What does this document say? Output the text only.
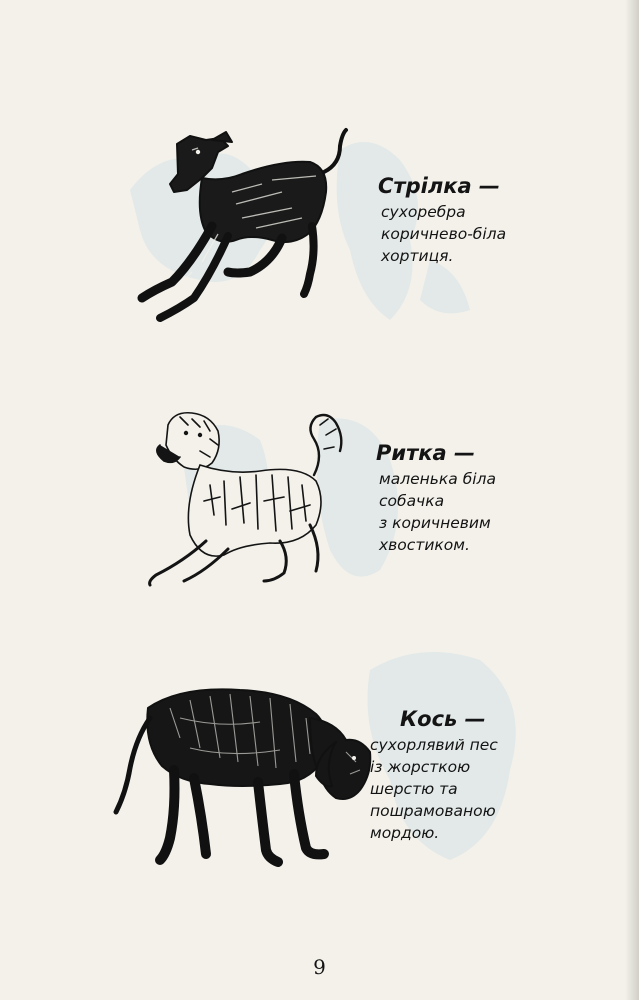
Стрілка —
сухоребра
коричнево-біла
хортиця.
Ритка —
маленька біла
собачка
з коричневим
хвостиком.
Кось —
сухорлявий пес
із жорсткою
шерстю та
пошрамованою
мордою.
9
